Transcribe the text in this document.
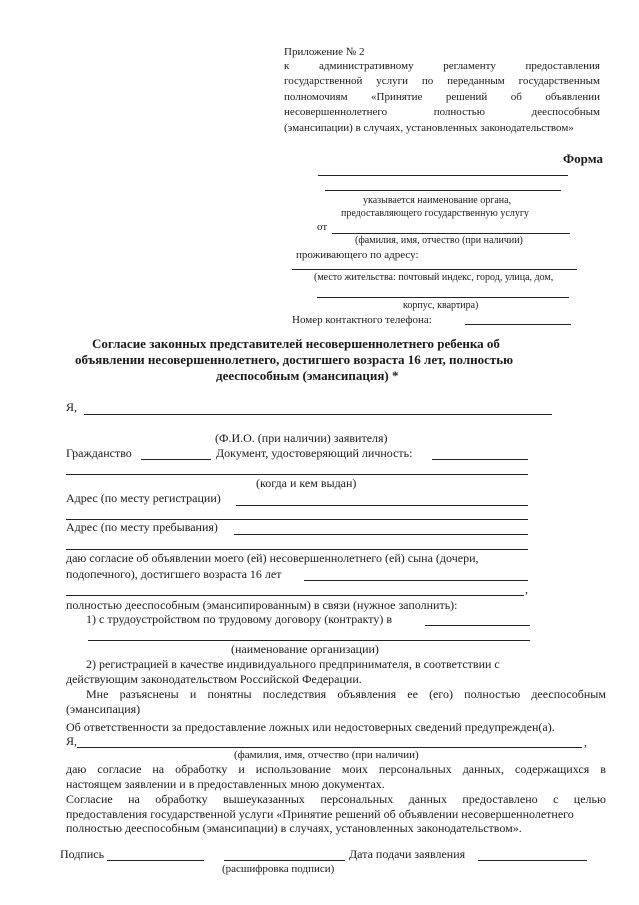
Приложение № 2
к	административному	регламенту	предоставления
государственной услуги по переданным государственным
полномочиям «Принятие решений об объявлении
несовершеннолетнего	полностью	дееспособным
(эмансипации) в случаях, установленных законодательством»
Форма
указывается наименование органа,
предоставляющего государственную услугу
от
(фамилия, имя, отчество (при наличии)
проживающего по адресу:
(место жительства: почтовый индекс, город, улица, дом,
корпус, квартира)
Номер контактного телефона:
Согласие законных представителей несовершеннолетнего ребенка об
объявлении несовершеннолетнего, достигшего возраста 16 лет, полностью
дееспособным (эмансипация) *
Я,
(Ф.И.О. (при наличии) заявителя)
Гражданство	Документ, удостоверяющий личность:
(когда и кем выдан)
Адрес (по месту регистрации)
Адрес (по месту пребывания)
даю согласие об объявлении моего (ей) несовершеннолетнего (ей) сына (дочери,
подопечного), достигшего возраста 16 лет
,
полностью дееспособным (эмансипированным) в связи (нужное заполнить):
1) с трудоустройством по трудовому договору (контракту) в
(наименование организации)
2) регистрацией в качестве индивидуального предпринимателя, в соответствии с
действующим законодательством Российской Федерации.
Мне разъяснены и понятны последствия объявления ее (его) полностью дееспособным
(эмансипация)
Об ответственности за предоставление ложных или недостоверных сведений предупрежден(а).
Я,	,
(фамилия, имя, отчество (при наличии)
даю согласие на обработку и использование моих персональных данных, содержащихся в
настоящем заявлении и в предоставленных мною документах.
Согласие на обработку вышеуказанных персональных данных предоставлено с целью
предоставления государственной услуги «Принятие решений об объявлении несовершеннолетнего
полностью дееспособным (эмансипации) в случаях, установленных законодательством».
Подпись	Дата подачи заявления
(расшифровка подписи)
